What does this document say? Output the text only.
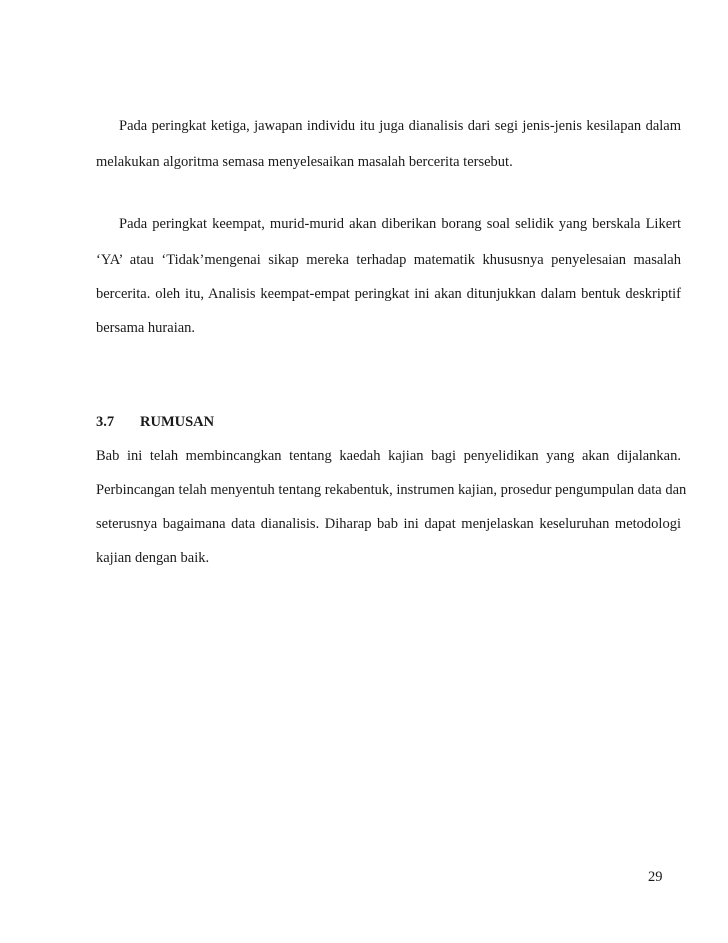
Pada peringkat ketiga, jawapan individu itu juga dianalisis dari segi jenis-jenis kesilapan dalam
melakukan algoritma semasa menyelesaikan masalah bercerita tersebut.
Pada peringkat keempat, murid-murid akan diberikan borang soal selidik yang berskala Likert
‘YA’ atau ‘Tidak’mengenai sikap mereka terhadap matematik khususnya penyelesaian masalah
bercerita. oleh itu, Analisis keempat-empat peringkat ini akan ditunjukkan dalam bentuk deskriptif
bersama huraian.
3.7 RUMUSAN
Bab ini telah membincangkan tentang kaedah kajian bagi penyelidikan yang akan dijalankan.
Perbincangan telah menyentuh tentang rekabentuk, instrumen kajian, prosedur pengumpulan data dan
seterusnya bagaimana data dianalisis. Diharap bab ini dapat menjelaskan keseluruhan metodologi
kajian dengan baik.
29
